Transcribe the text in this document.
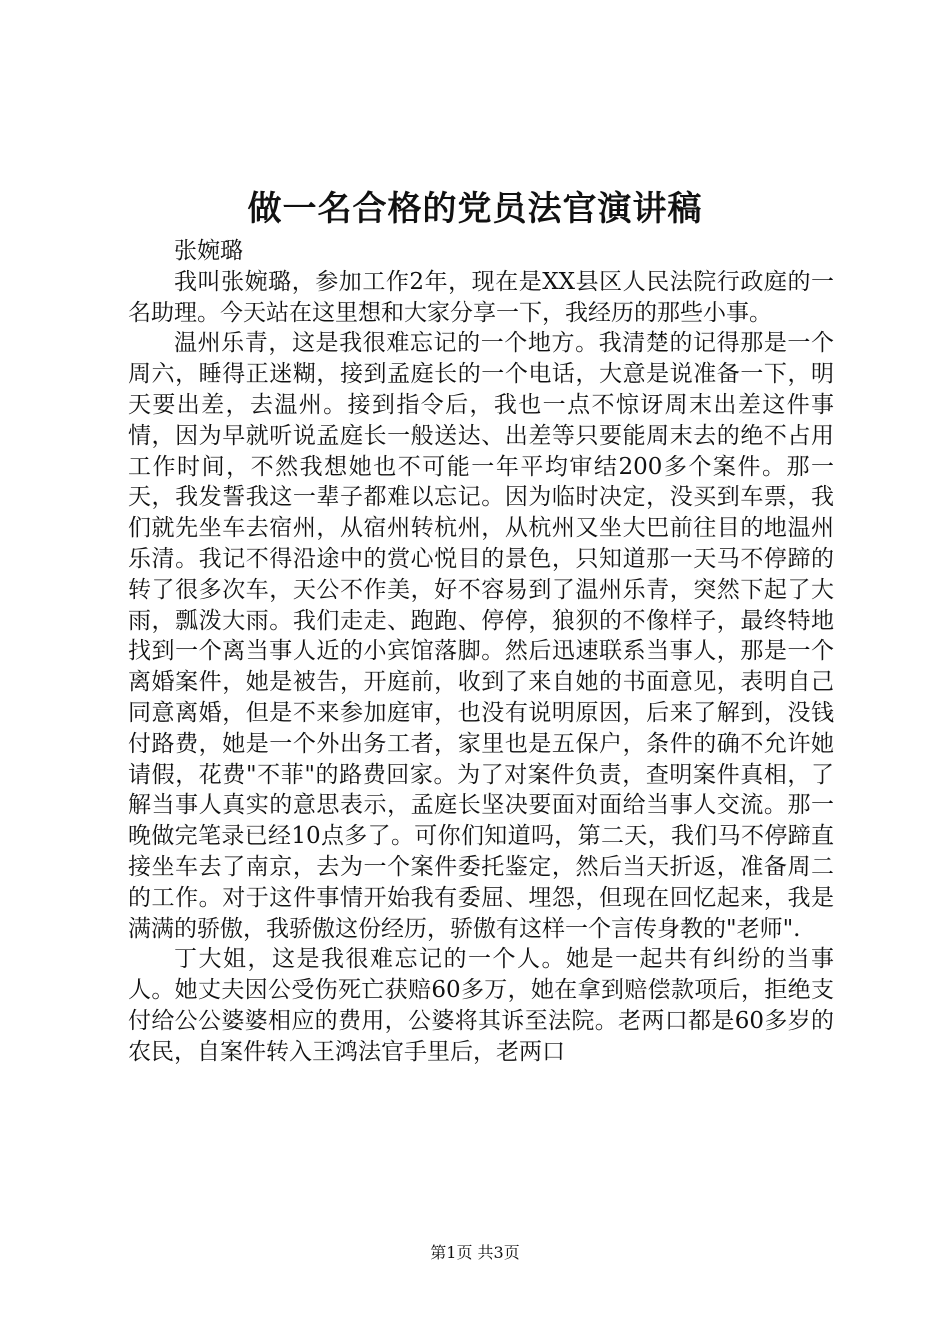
做一名合格的党员法官演讲稿

张婉璐

我叫张婉璐，参加工作2年，现在是XX县区人民法院行政庭的一名助理。今天站在这里想和大家分享一下，我经历的那些小事。

温州乐青，这是我很难忘记的一个地方。我清楚的记得那是一个周六，睡得正迷糊，接到孟庭长的一个电话，大意是说准备一下，明天要出差，去温州。接到指令后，我也一点不惊讶周末出差这件事情，因为早就听说孟庭长一般送达、出差等只要能周末去的绝不占用工作时间，不然我想她也不可能一年平均审结200多个案件。那一天，我发誓我这一辈子都难以忘记。因为临时决定，没买到车票，我们就先坐车去宿州，从宿州转杭州，从杭州又坐大巴前往目的地温州乐清。我记不得沿途中的赏心悦目的景色，只知道那一天马不停蹄的转了很多次车，天公不作美，好不容易到了温州乐青，突然下起了大雨，瓢泼大雨。我们走走、跑跑、停停，狼狈的不像样子，最终特地找到一个离当事人近的小宾馆落脚。然后迅速联系当事人，那是一个离婚案件，她是被告，开庭前，收到了来自她的书面意见，表明自己同意离婚，但是不来参加庭审，也没有说明原因，后来了解到，没钱付路费，她是一个外出务工者，家里也是五保户，条件的确不允许她请假，花费"不菲"的路费回家。为了对案件负责，查明案件真相，了解当事人真实的意思表示，孟庭长坚决要面对面给当事人交流。那一晚做完笔录已经10点多了。可你们知道吗，第二天，我们马不停蹄直接坐车去了南京，去为一个案件委托鉴定，然后当天折返，准备周二的工作。对于这件事情开始我有委屈、埋怨，但现在回忆起来，我是满满的骄傲，我骄傲这份经历，骄傲有这样一个言传身教的"老师".

丁大姐，这是我很难忘记的一个人。她是一起共有纠纷的当事人。她丈夫因公受伤死亡获赔60多万，她在拿到赔偿款项后，拒绝支付给公公婆婆相应的费用，公婆将其诉至法院。老两口都是60多岁的农民，自案件转入王鸿法官手里后，老两口

第1页 共3页
